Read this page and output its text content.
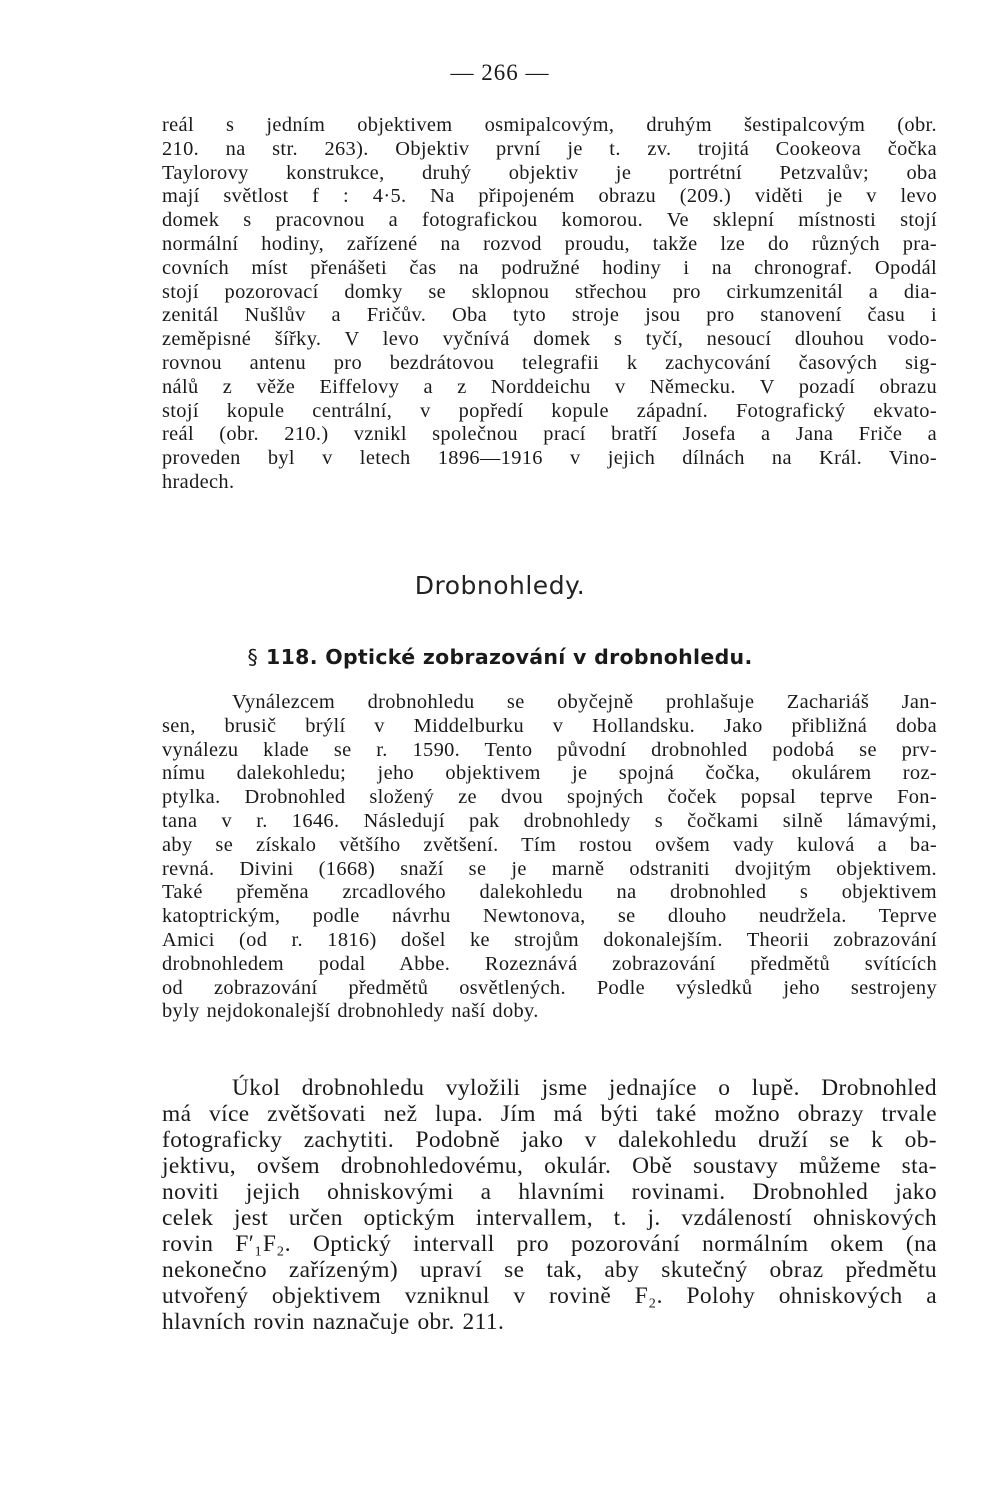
— 266 —
reál s jedním objektivem osmipalcovým, druhým šestipalcovým (obr.
210. na str. 263). Objektiv první je t. zv. trojitá Cookeova čočka
Taylorovy konstrukce, druhý objektiv je portrétní Petzvalův; oba
mají světlost f : 4·5. Na připojeném obrazu (209.) viděti je v levo
domek s pracovnou a fotografickou komorou. Ve sklepní místnosti stojí
normální hodiny, zařízené na rozvod proudu, takže lze do různých pra-
covních míst přenášeti čas na podružné hodiny i na chronograf. Opodál
stojí pozorovací domky se sklopnou střechou pro cirkumzenitál a dia-
zenitál Nušlův a Fričův. Oba tyto stroje jsou pro stanovení času i
zeměpisné šířky. V levo vyčnívá domek s tyčí, nesoucí dlouhou vodo-
rovnou antenu pro bezdrátovou telegrafii k zachycování časových sig-
nálů z věže Eiffelovy a z Norddeichu v Německu. V pozadí obrazu
stojí kopule centrální, v popředí kopule západní. Fotografický ekvato-
reál (obr. 210.) vznikl společnou prací bratří Josefa a Jana Friče a
proveden byl v letech 1896—1916 v jejich dílnách na Král. Vino-
hradech.
Drobnohledy.
§ 118. Optické zobrazování v drobnohledu.
Vynálezcem drobnohledu se obyčejně prohlašuje Zachariáš Jan-
sen, brusič brýlí v Middelburku v Hollandsku. Jako přibližná doba
vynálezu klade se r. 1590. Tento původní drobnohled podobá se prv-
nímu dalekohledu; jeho objektivem je spojná čočka, okulárem roz-
ptylka. Drobnohled složený ze dvou spojných čoček popsal teprve Fon-
tana v r. 1646. Následují pak drobnohledy s čočkami silně lámavými,
aby se získalo většího zvětšení. Tím rostou ovšem vady kulová a ba-
revná. Divini (1668) snaží se je marně odstraniti dvojitým objektivem.
Také přeměna zrcadlového dalekohledu na drobnohled s objektivem
katoptrickým, podle návrhu Newtonova, se dlouho neudržela. Teprve
Amici (od r. 1816) došel ke strojům dokonalejším. Theorii zobrazování
drobnohledem podal Abbe. Rozeznává zobrazování předmětů svítících
od zobrazování předmětů osvětlených. Podle výsledků jeho sestrojeny
byly nejdokonalejší drobnohledy naší doby.
Úkol drobnohledu vyložili jsme jednajíce o lupě. Drobnohled
má více zvětšovati než lupa. Jím má býti také možno obrazy trvale
fotograficky zachytiti. Podobně jako v dalekohledu druží se k ob-
jektivu, ovšem drobnohledovému, okulár. Obě soustavy můžeme sta-
noviti jejich ohniskovými a hlavními rovinami. Drobnohled jako
celek jest určen optickým intervallem, t. j. vzdáleností ohniskových
rovin F′₁F₂. Optický intervall pro pozorování normálním okem (na
nekonečno zařízeným) upraví se tak, aby skutečný obraz předmětu
utvořený objektivem vzniknul v rovině F₂. Polohy ohniskových a
hlavních rovin naznačuje obr. 211.
